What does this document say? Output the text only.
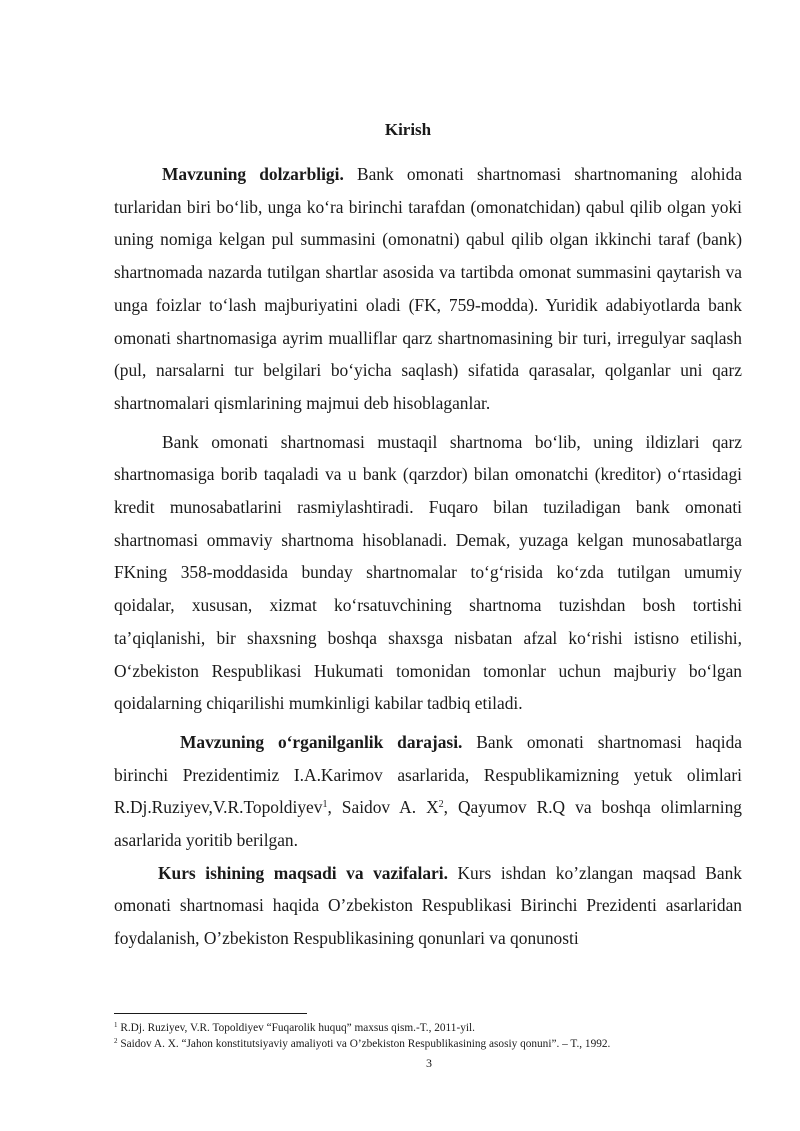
Kirish

Mavzuning dolzarbligi. Bank omonati shartnomasi shartnomaning alohida turlaridan biri bo‘lib, unga ko‘ra birinchi tarafdan (omonatchidan) qabul qilib olgan yoki uning nomiga kelgan pul summasini (omonatni) qabul qilib olgan ikkinchi taraf (bank) shartnomada nazarda tutilgan shartlar asosida va tartibda omonat summasini qaytarish va unga foizlar to‘lash majburiyatini oladi (FK, 759-modda). Yuridik adabiyotlarda bank omonati shartnomasiga ayrim mualliflar qarz shartnomasining bir turi, irregulyar saqlash (pul, narsalarni tur belgilari bo‘yicha saqlash) sifatida qarasalar, qolganlar uni qarz shartnomalari qismlarining majmui deb hisoblaganlar.

Bank omonati shartnomasi mustaqil shartnoma bo‘lib, uning ildizlari qarz shartnomasiga borib taqaladi va u bank (qarzdor) bilan omonatchi (kreditor) o‘rtasidagi kredit munosabatlarini rasmiylashtiradi. Fuqaro bilan tuziladigan bank omonati shartnomasi ommaviy shartnoma hisoblanadi. Demak, yuzaga kelgan munosabatlarga FKning 358-moddasida bunday shartnomalar to‘g‘risida ko‘zda tutilgan umumiy qoidalar, xususan, xizmat ko‘rsatuvchining shartnoma tuzishdan bosh tortishi ta’qiqlanishi, bir shaxsning boshqa shaxsga nisbatan afzal ko‘rishi istisno etilishi, O‘zbekiston Respublikasi Hukumati tomonidan tomonlar uchun majburiy bo‘lgan qoidalarning chiqarilishi mumkinligi kabilar tadbiq etiladi.

Mavzuning o‘rganilganlik darajasi. Bank omonati shartnomasi haqida birinchi Prezidentimiz I.A.Karimov asarlarida, Respublikamizning yetuk olimlari R.Dj.Ruziyev,V.R.Topoldiyev$^1$, Saidov A. $X^2$, Qayumov R.Q va boshqa olimlarning asarlarida yoritib berilgan.

Kurs ishining maqsadi va vazifalari. Kurs ishdan ko’zlangan maqsad Bank omonati shartnomasi haqida O’zbekiston Respublikasi Birinchi Prezidenti asarlaridan foydalanish, O’zbekiston Respublikasining qonunlari va qonunosti

$^1$ R.Dj. Ruziyev, V.R. Topoldiyev “Fuqarolik huquq” maxsus qism.-T., 2011-yil.
$^2$ Saidov A. X. “Jahon konstitutsiyaviy amaliyoti va O’zbekiston Respublikasining asosiy qonuni”. – T., 1992.
3
